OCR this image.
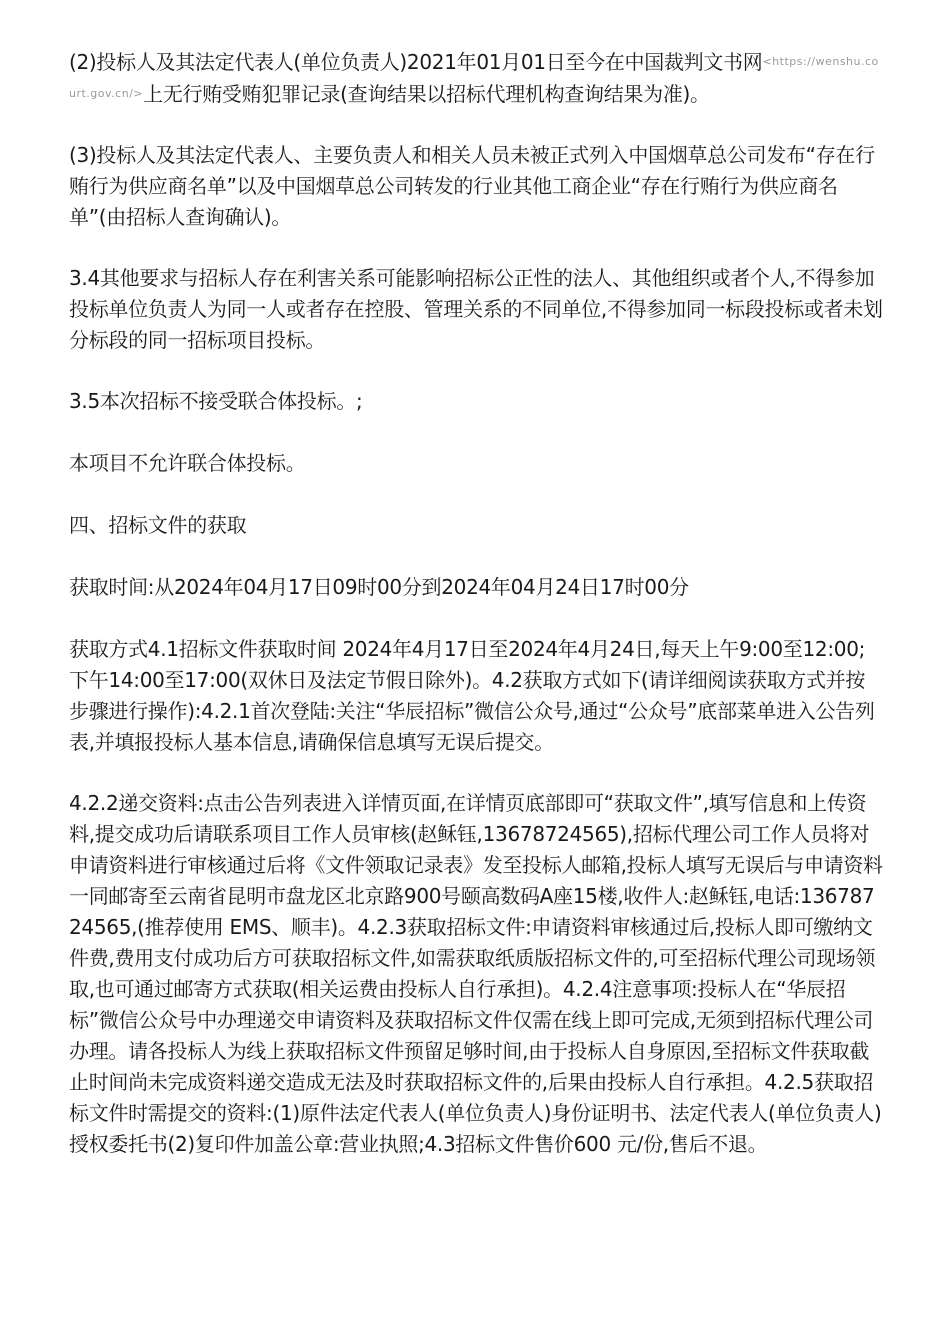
(2)投标人及其法定代表人(单位负责人)2021年01月01日至今在中国裁判文书网$^{<https://wenshu.court.gov.cn/>}$上无行贿受贿犯罪记录(查询结果以招标代理机构查询结果为准)。

(3)投标人及其法定代表人、主要负责人和相关人员未被正式列入中国烟草总公司发布“存在行贿行为供应商名单”以及中国烟草总公司转发的行业其他工商企业“存在行贿行为供应商名单”(由招标人查询确认)。

3.4其他要求与招标人存在利害关系可能影响招标公正性的法人、其他组织或者个人,不得参加投标单位负责人为同一人或者存在控股、管理关系的不同单位,不得参加同一标段投标或者未划分标段的同一招标项目投标。

3.5本次招标不接受联合体投标。;

本项目不允许联合体投标。

四、招标文件的获取

获取时间:从2024年04月17日09时00分到2024年04月24日17时00分

获取方式4.1招标文件获取时间 2024年4月17日至2024年4月24日,每天上午9:00至12:00;下午14:00至17:00(双休日及法定节假日除外)。4.2获取方式如下(请详细阅读获取方式并按步骤进行操作):4.2.1首次登陆:关注“华辰招标”微信公众号,通过“公众号”底部菜单进入公告列表,并填报投标人基本信息,请确保信息填写无误后提交。

4.2.2递交资料:点击公告列表进入详情页面,在详情页底部即可“获取文件”,填写信息和上传资料,提交成功后请联系项目工作人员审核(赵稣钰,13678724565),招标代理公司工作人员将对申请资料进行审核通过后将《文件领取记录表》发至投标人邮箱,投标人填写无误后与申请资料一同邮寄至云南省昆明市盘龙区北京路900号颐高数码A座15楼,收件人:赵稣钰,电话:13678724565,(推荐使用 EMS、顺丰)。4.2.3获取招标文件:申请资料审核通过后,投标人即可缴纳文件费,费用支付成功后方可获取招标文件,如需获取纸质版招标文件的,可至招标代理公司现场领取,也可通过邮寄方式获取(相关运费由投标人自行承担)。4.2.4注意事项:投标人在“华辰招标”微信公众号中办理递交申请资料及获取招标文件仅需在线上即可完成,无须到招标代理公司办理。请各投标人为线上获取招标文件预留足够时间,由于投标人自身原因,至招标文件获取截止时间尚未完成资料递交造成无法及时获取招标文件的,后果由投标人自行承担。4.2.5获取招标文件时需提交的资料:(1)原件法定代表人(单位负责人)身份证明书、法定代表人(单位负责人)授权委托书(2)复印件加盖公章:营业执照;4.3招标文件售价600 元/份,售后不退。
